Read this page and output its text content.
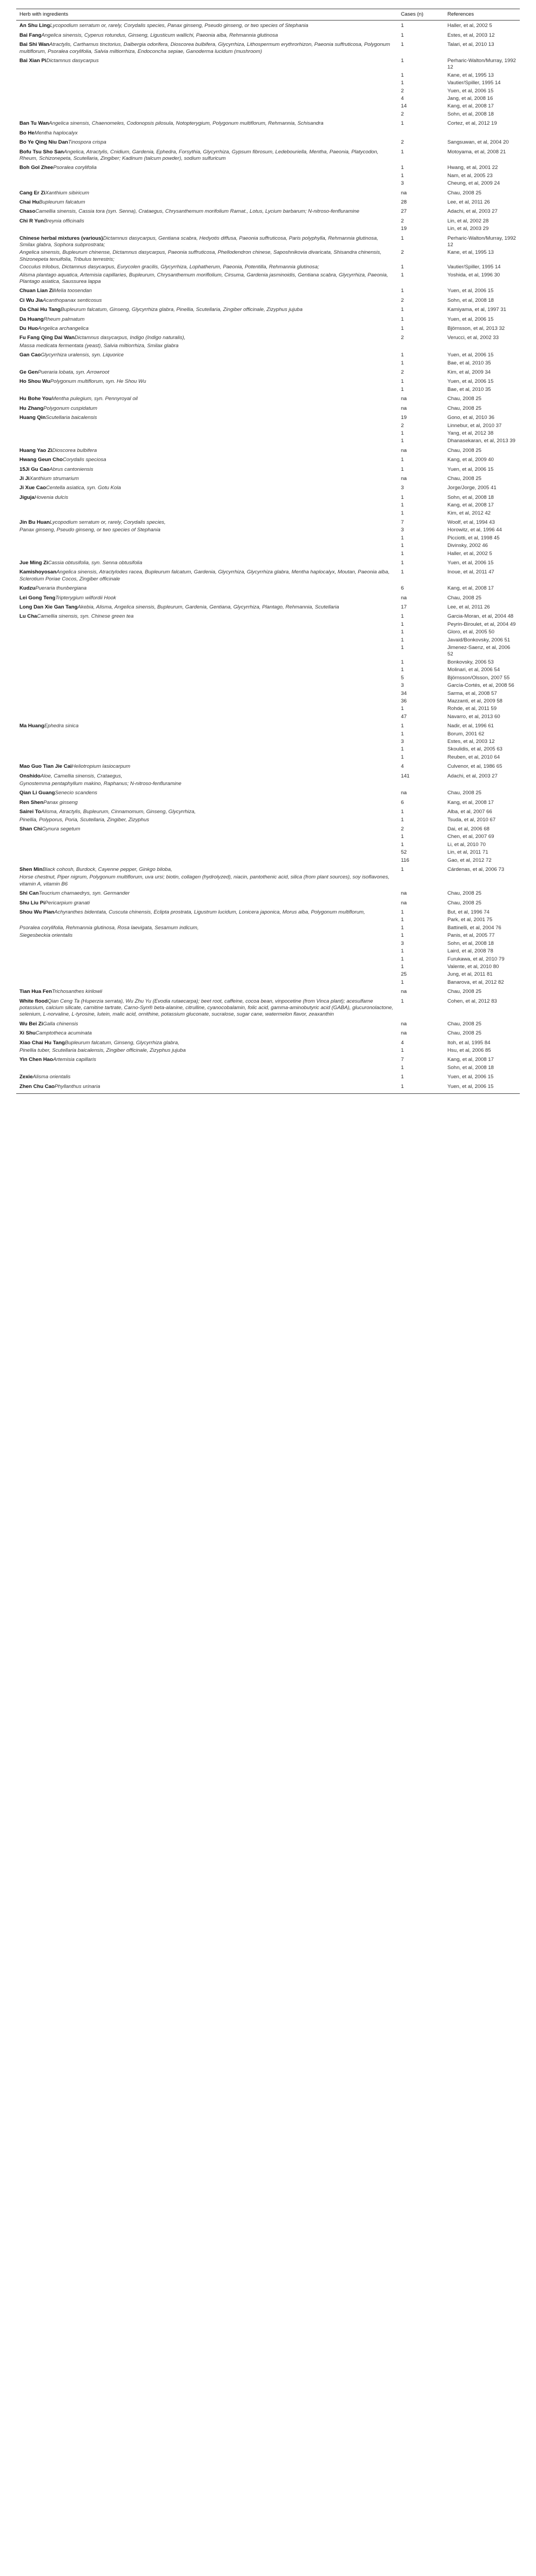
Herb with ingredients	Cases (n)	References
An Shu LingLycopodium serratum or, rarely, Corydalis species, Panax ginseng, Pseudo ginseng, or two species of Stephania	1	Haller, et al, 2002 5
Bai FangAngelica sinensis, Cyperus rotundus, Ginseng, Ligusticum wallichi, Paeonia alba, Rehmannia glutinosa	1	Estes, et al, 2003 12
Bai Shi WanAtractylis, Carthamus tinctorius, Dalbergia odorifera, Dioscorea bulbifera, Glycyrrhiza, Lithospermum erythrorhizon, Paeonia suffruticosa, Polygonum multiflorum, Psoralea corylifolia, Salvia miltiorrhiza, Endoconcha sepiae, Ganoderma lucidum (mushroom)	1	Talari, et al, 2010 13
Bai Xian PiDictamnus dasycarpus	1	Perharic-Walton/Murray, 1992 12
	1	Kane, et al, 1995 13
	1	Vautier/Spiller, 1995 14
	2	Yuen, et al, 2006 15
	4	Jang, et al, 2008 16
	14	Kang, et al, 2008 17
	2	Sohn, et al, 2008 18
Ban Tu WanAngelica sinensis, Chaenomeles, Codonopsis pilosula, Notopterygium, Polygonum multiflorum, Rehmannia, Schisandra	1	Cortez, et al, 2012 19
Bo HeMentha haplocalyx		
Bo Ye Qing Niu DanTinospora crispa	2	Sangsuwan, et al, 2004 20
Bofu Tsu Sho SanAngelica, Atractylis, Cnidium, Gardenia, Ephedra, Forsythia, Glycyrrhiza, Gypsum fibrosum, Ledebouriella, Mentha, Paeonia, Platycodon, Rheum, Schizonepeta, Scutellaria, Zingiber; Kadinum (talcum powder), sodium sulfuricum	1	Motoyama, et al, 2008 21
Boh Gol ZheePsoralea corylifolia	1	Hwang, et al, 2001 22
	1	Nam, et al, 2005 23
	3	Cheung, et al, 2009 24
Cang Er ZiXanthium sibiricum	na	Chau, 2008 25
Chai HuBupleurum falcatum	28	Lee, et al, 2011 26
ChasoCamellia sinensis, Cassia tora (syn. Senna), Crataegus, Chrysanthemum morifolium Ramat., Lotus, Lycium barbarum; N-nitroso-fenfluramine	27	Adachi, et al, 2003 27
Chi R YunBreynia officinalis	2	Lin, et al, 2002 28
	19	Lin, et al, 2003 29
Chinese herbal mixtures (various)Dictamnus dasycarpus, Gentiana scabra, Hedyotis diffusa, Paeonia suffruticosa, Paris polyphylla, Rehmannia glutinosa, Smilax glabra, Sophora subprostrata;	1	Perharic-Walton/Murray, 1992 12
Angelica sinensis, Bupleurum chinense, Dictamnus dasycarpus, Paeonia suffruticosa, Phellodendron chinese, Saposhnikovia divaricata, Shisandra chinensis, Shizonepeta tenuifolia, Tribulus terrestris;	2	Kane, et al, 1995 13
Cocculus trilobus, Dictamnus dasycarpus, Eurycolen gracilis, Glycyrrhiza, Lophatherum, Paeonia, Potentilla, Rehmannia glutinosa;	1	Vautier/Spiller, 1995 14
Alisma plantago aquatica, Artemisia capillaries, Bupleurum, Chrysanthemum moriflolium, Cirsuma, Gardenia jasminoidis, Gentiana scabra, Glycyrrhiza, Paeonia, Plantago asiatica, Saussurea lappa	1	Yoshida, et al, 1996 30
Chuan Lian ZiMelia toosendan	1	Yuen, et al, 2006 15
Ci Wu JiaAcanthopanax senticosus	2	Sohn, et al, 2008 18
Da Chai Hu TangBupleurum falcatum, Ginseng, Glycyrrhiza glabra, Pinellia, Scutellaria, Zingiber officinale, Zizyphus jujuba	1	Kamiyama, et al, 1997 31
Da HuangRheum palmatum	1	Yuen, et al, 2006 15
Du HuoAngelica archangelica	1	Björnsson, et al, 2013 32
Fu Fang Qing Dai WanDictamnus dasycarpus, Indigo (Indigo naturalis),	2	Verucci, et al, 2002 33
Massa medicata fermentata (yeast), Salvia miltiorrhiza, Smilax glabra		
Gan CaoGlycyrrhiza uralensis, syn. Liquorice	1	Yuen, et al, 2006 15
	1	Bae, et al, 2010 35
Ge GenPueraria lobata, syn. Arrowroot	2	Kim, et al, 2009 34
Ho Shou WuPolygonum multiflorum, syn. He Shou Wu	1	Yuen, et al, 2006 15
	1	Bae, et al, 2010 35
Hu Bohe YouMentha pulegium, syn. Pennyroyal oil	na	Chau, 2008 25
Hu ZhangPolygonum cuspidatum	na	Chau, 2008 25
Huang QinScutellaria baicalensis	19	Gono, et al, 2010 36
	2	Linnebur, et al, 2010 37
	1	Yang, et al, 2012 38
	1	Dhanasekaran, et al, 2013 39
Huang Yao ZiDioscorea bulbifera	na	Chau, 2008 25
Hwang Geun ChoCorydalis speciosa	1	Kang, et al, 2009 40
15Ji Gu CaoAbrus cantoniensis	1	Yuen, et al, 2006 15
Ji JiXanthium strumarium	na	Chau, 2008 25
Ji Xue CaoCentella asiatica, syn. Gotu Kola	3	Jorge/Jorge, 2005 41
JigujaHovenia dulcis	1	Sohn, et al, 2008 18
	1	Kang, et al, 2008 17
	1	Kim, et al, 2012 42
Jin Bu HuanLycopodium serratum or, rarely, Corydalis species,	7	Woolf, et al, 1994 43
Panax ginseng, Pseudo ginseng, or two species of Stephania	3	Horowitz, et al, 1996 44
	1	Picciotti, et al, 1998 45
	1	Divinsky, 2002 46
	1	Haller, et al, 2002 5
Jue Ming ZiCassia obtusifolia, syn. Senna obtusifolia	1	Yuen, et al, 2006 15
KamishoyosanAngelica sinensis, Atractylodes racea, Bupleurum falcatum, Gardenia, Glycyrrhiza, Glycyrrhiza glabra, Mentha haplocalyx, Moutan, Paeonia alba, Sclerotium Poriae Cocos, Zingiber officinale	1	Inoue, et al, 2011 47
KudzuPueraria thunbergiana	6	Kang, et al, 2008 17
Lei Gong TengTripterygium wilfordii Hook	na	Chau, 2008 25
Long Dan Xie Gan TangAkebia, Alisma, Angelica sinensis, Bupleurum, Gardenia, Gentiana, Glycyrrhiza, Plantago, Rehmannia, Scutellaria	17	Lee, et al, 2011 26
Lu ChaCamellia sinensis, syn. Chinese green tea	1	Garcia-Moran, et al, 2004 48
	1	Peyrin-Biroulet, et al, 2004 49
	1	Gloro, et al, 2005 50
	1	Javaid/Bonkovsky, 2006 51
	1	Jimenez-Saenz, et al, 2006 52
	1	Bonkovsky, 2006 53
	1	Molinari, et al, 2006 54
	5	Björnsson/Olsson, 2007 55
	3	García-Cortés, et al, 2008 56
	34	Sarma, et al, 2008 57
	36	Mazzanti, et al, 2009 58
	1	Rohde, et al, 2011 59
	47	Navarro, et al, 2013 60
Ma HuangEphedra sinica	1	Nadir, et al, 1996 61
	1	Borum, 2001 62
	3	Estes, et al, 2003 12
	1	Skoulidis, et al, 2005 63
	1	Reuben, et al, 2010 64
Mao Guo Tian Jie CaiHeliotropium lasiocarpum	4	Culvenor, et al, 1986 65
OnshidoAloe, Camellia sinensis, Crataegus,	141	Adachi, et al, 2003 27
Gynostemma pentaphyllum makino, Raphanus; N-nitroso-fenfluramine		
Qian Li GuangSenecio scandens	na	Chau, 2008 25
Ren ShenPanax ginseng	6	Kang, et al, 2008 17
Sairei ToAlisma, Atractylis, Bupleurum, Cinnamomum, Ginseng, Glycyrrhiza,	1	Alba, et al, 2007 66
Pinellia, Polyporus, Poria, Scutellaria, Zingiber, Zizyphus	1	Tsuda, et al, 2010 67
Shan ChiGynura segetum	2	Dai, et al, 2006 68
	1	Chen, et al, 2007 69
	1	Li, et al, 2010 70
	52	Lin, et al, 2011 71
	116	Gao, et al, 2012 72
Shen MinBlack cohosh, Burdock, Cayenne pepper, Ginkgo biloba,	1	Cárdenas, et al, 2006 73
Horse chestnut, Piper nigrum, Polygonum multiflorum, uva ursi; biotin, collagen (hydrolyzed), niacin, pantothenic acid, silica (from plant sources), soy isoflavones, vitamin A, vitamin B6		
Shi CanTeucrium chamaedrys, syn. Germander	na	Chau, 2008 25
Shu Liu PiPericarpium granati	na	Chau, 2008 25
Shou Wu PianAchyranthes bidentata, Cuscuta chinensis, Eclipta prostrata, Ligustrum lucidum, Lonicera japonica, Morus alba, Polygonum multiflorum,	1	But, et al, 1996 74
	1	Park, et al, 2001 75
Psoralea corylifolia, Rehmannia glutinosa, Rosa laevigata, Sesamum indicum,	1	Battinelli, et al, 2004 76
Siegesbeckia orientalis	1	Panis, et al, 2005 77
	3	Sohn, et al, 2008 18
	1	Laird, et al, 2008 78
	1	Furukawa, et al, 2010 79
	1	Valente, et al, 2010 80
	25	Jung, et al, 2011 81
	1	Banarova, et al, 2012 82
Tian Hua FenTrichosanthes kirilowii	na	Chau, 2008 25
White floodQian Ceng Ta (Huperzia serrata), Wu Zhu Yu (Evodia rutaecarpa); beet root, caffeine, cocoa bean, vinpocetine (from Vinca plant); acesulfame potassium, calcium silicate, carnitine tartrate, Carno-Syn® beta-alanine, citrulline, cyanocobalamin, folic acid, gamma-aminobutyric acid (GABA), glucuronolactone, selenium, L-norvaline, L-tyrosine, lutein, malic acid, ornithine, potassium gluconate, sucralose, sugar cane, watermelon flavor, zeaxanthin	1	Cohen, et al, 2012 83
Wu Bei ZiGalla chinensis	na	Chau, 2008 25
Xi ShuCamptotheca acuminata	na	Chau, 2008 25
Xiao Chai Hu TangBupleurum falcatum, Ginseng, Glycyrrhiza glabra,	4	Itoh, et al, 1995 84
Pinellia tuber, Scutellaria baicalensis, Zingiber officinale, Zizyphus jujuba	1	Hsu, et al, 2006 85
Yin Chen HaoArtemisia capillaris	7	Kang, et al, 2008 17
	1	Sohn, et al, 2008 18
ZexieAlisma orientalis	1	Yuen, et al, 2006 15
Zhen Chu CaoPhyllanthus urinaria	1	Yuen, et al, 2006 15
